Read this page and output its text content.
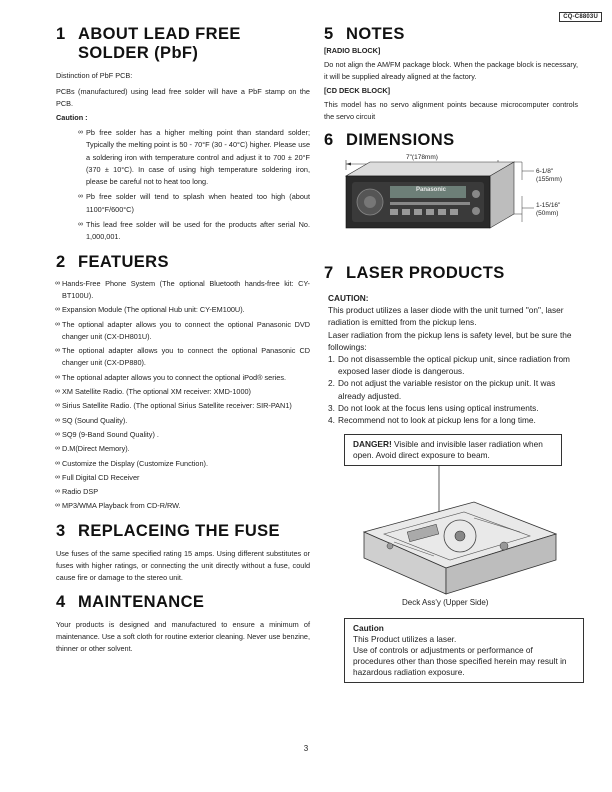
CQ-C8803U
1 ABOUT LEAD FREE
SOLDER (PbF)

Distinction of PbF PCB:

PCBs (manufactured) using lead free solder will have a PbF stamp on the PCB.

Caution :

∞ Pb free solder has a higher melting point than standard solder; Typically the melting point is 50 - 70°F (30 - 40°C) higher. Please use a soldering iron with temperature control and adjust it to 700 ± 20°F (370 ± 10°C). In case of using high temperature soldering iron, please be careful not to heat too long.
∞ Pb free solder will tend to splash when heated too high (about 1100°F/600°C)
∞ This lead free solder will be used for the products after serial No. 1,000,001.
2 FEATUERS
∞ Hands-Free Phone System (The optional Bluetooth hands-free kit: CY-BT100U).
∞ Expansion Module (The optional Hub unit: CY-EM100U).
∞ The optional adapter allows you to connect the optional Panasonic DVD changer unit (CX-DH801U).
∞ The optional adapter allows you to connect the optional Panasonic CD changer unit (CX-DP880).
∞ The optional adapter allows you to connect the optional iPod® series.
∞ XM Satellite Radio. (The optional XM receiver: XMD-1000)
∞ Sirius Satellite Radio. (The optional Sirius Satellite receiver: SIR-PAN1)
∞ SQ (Sound Quality).
∞ SQ9 (9-Band Sound Quality) .
∞ D.M(Direct Memory).
∞ Customize the Display (Customize Function).
∞ Full Digital CD Receiver
∞ Radio DSP
∞ MP3/WMA Playback from CD-R/RW.
3 REPLACEING THE FUSE

Use fuses of the same specified rating 15 amps. Using different substitutes or fuses with higher ratings, or connecting the unit directly without a fuse, could cause fire or damage to the stereo unit.

4 MAINTENANCE

Your products is designed and manufactured to ensure a minimum of maintenance. Use a soft cloth for routine exterior cleaning. Never use benzine, thinner or other solvent.

5 NOTES

[RADIO BLOCK]

Do not align the AM/FM package block. When the package block is necessary, it will be supplied already aligned at the factory.

[CD DECK BLOCK]

This model has no servo alignment points because microcomputer controls the servo circuit

6 DIMENSIONS
7"(178mm)
Panasonic
6-1/8"
(155mm)
1-15/16"
(50mm)
7 LASER PRODUCTS

CAUTION:

This product utilizes a laser diode with the unit turned "on", laser radiation is emitted from the pickup lens.

Laser radiation from the pickup lens is safety level, but be sure the followings:

1. Do not disassemble the optical pickup unit, since radiation from exposed laser diode is dangerous.
2. Do not adjust the variable resistor on the pickup unit. It was already adjusted.
3. Do not look at the focus lens using optical instruments.
4. Recommend not to look at pickup lens for a long time.
DANGER! Visible and invisible laser radiation when open. Avoid direct exposure to beam.
Deck Ass'y (Upper Side)
Caution
This Product utilizes a laser.
Use of controls or adjustments or performance of procedures other than those specified herein may result in hazardous radiation exposure.
3
